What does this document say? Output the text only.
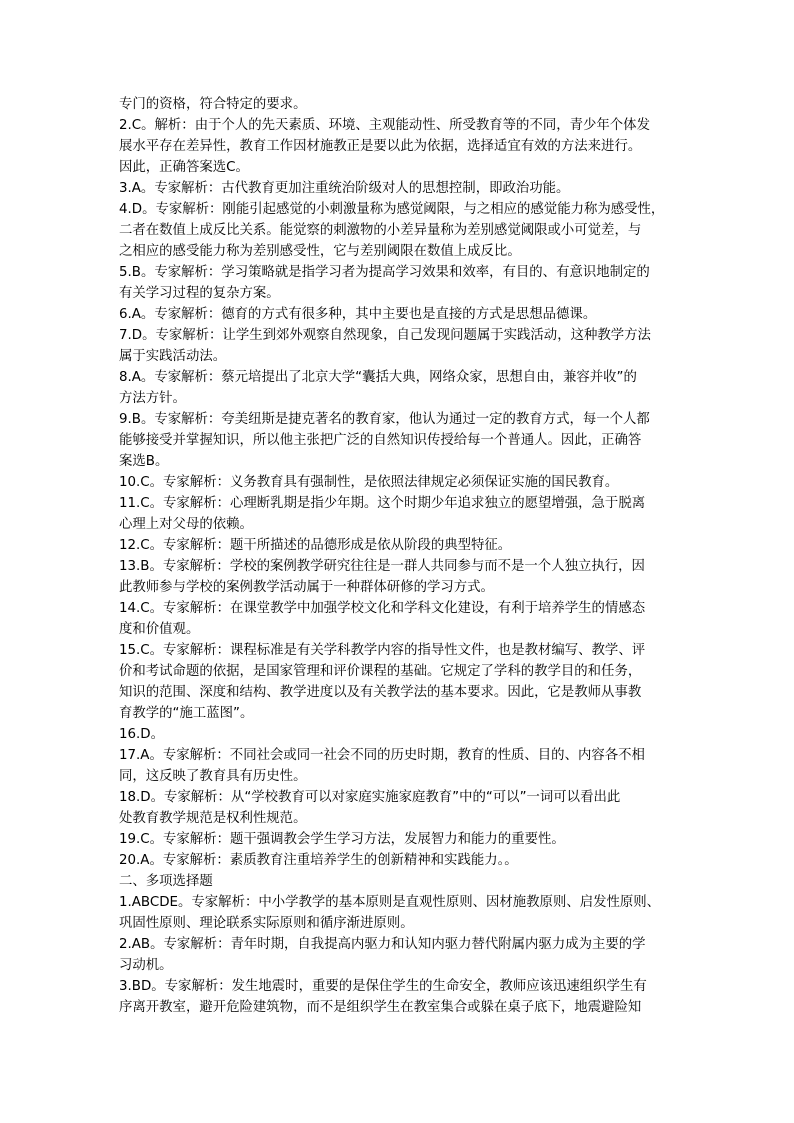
专门的资格，符合特定的要求。
2.C。解析：由于个人的先天素质、环境、主观能动性、所受教育等的不同，青少年个体发
展水平存在差异性，教育工作因材施教正是要以此为依据，选择适宜有效的方法来进行。
因此，正确答案选C。
3.A。专家解析：古代教育更加注重统治阶级对人的思想控制，即政治功能。
4.D。专家解析：刚能引起感觉的小刺激量称为感觉阈限，与之相应的感觉能力称为感受性，
二者在数值上成反比关系。能觉察的刺激物的小差异量称为差别感觉阈限或小可觉差，与
之相应的感受能力称为差别感受性，它与差别阈限在数值上成反比。
5.B。专家解析：学习策略就是指学习者为提高学习效果和效率，有目的、有意识地制定的
有关学习过程的复杂方案。
6.A。专家解析：德育的方式有很多种，其中主要也是直接的方式是思想品德课。
7.D。专家解析：让学生到郊外观察自然现象，自己发现问题属于实践活动，这种教学方法
属于实践活动法。
8.A。专家解析：蔡元培提出了北京大学“囊括大典，网络众家，思想自由，兼容并收”的
方法方针。
9.B。专家解析：夸美纽斯是捷克著名的教育家，他认为通过一定的教育方式，每一个人都
能够接受并掌握知识，所以他主张把广泛的自然知识传授给每一个普通人。因此，正确答
案选B。
10.C。专家解析：义务教育具有强制性，是依照法律规定必须保证实施的国民教育。
11.C。专家解析：心理断乳期是指少年期。这个时期少年追求独立的愿望增强，急于脱离
心理上对父母的依赖。
12.C。专家解析：题干所描述的品德形成是依从阶段的典型特征。
13.B。专家解析：学校的案例教学研究往往是一群人共同参与而不是一个人独立执行，因
此教师参与学校的案例教学活动属于一种群体研修的学习方式。
14.C。专家解析：在课堂教学中加强学校文化和学科文化建设，有利于培养学生的情感态
度和价值观。
15.C。专家解析：课程标准是有关学科教学内容的指导性文件，也是教材编写、教学、评
价和考试命题的依据，是国家管理和评价课程的基础。它规定了学科的教学目的和任务，
知识的范围、深度和结构、教学进度以及有关教学法的基本要求。因此，它是教师从事教
育教学的“施工蓝图”。
16.D。
17.A。专家解析：不同社会或同一社会不同的历史时期，教育的性质、目的、内容各不相
同，这反映了教育具有历史性。
18.D。专家解析：从“学校教育可以对家庭实施家庭教育”中的“可以”一词可以看出此
处教育教学规范是权利性规范。
19.C。专家解析：题干强调教会学生学习方法，发展智力和能力的重要性。
20.A。专家解析：素质教育注重培养学生的创新精神和实践能力。。
二、多项选择题
1.ABCDE。专家解析：中小学教学的基本原则是直观性原则、因材施教原则、启发性原则、
巩固性原则、理论联系实际原则和循序渐进原则。
2.AB。专家解析：青年时期，自我提高内驱力和认知内驱力替代附属内驱力成为主要的学
习动机。
3.BD。专家解析：发生地震时，重要的是保住学生的生命安全，教师应该迅速组织学生有
序离开教室，避开危险建筑物，而不是组织学生在教室集合或躲在桌子底下，地震避险知
